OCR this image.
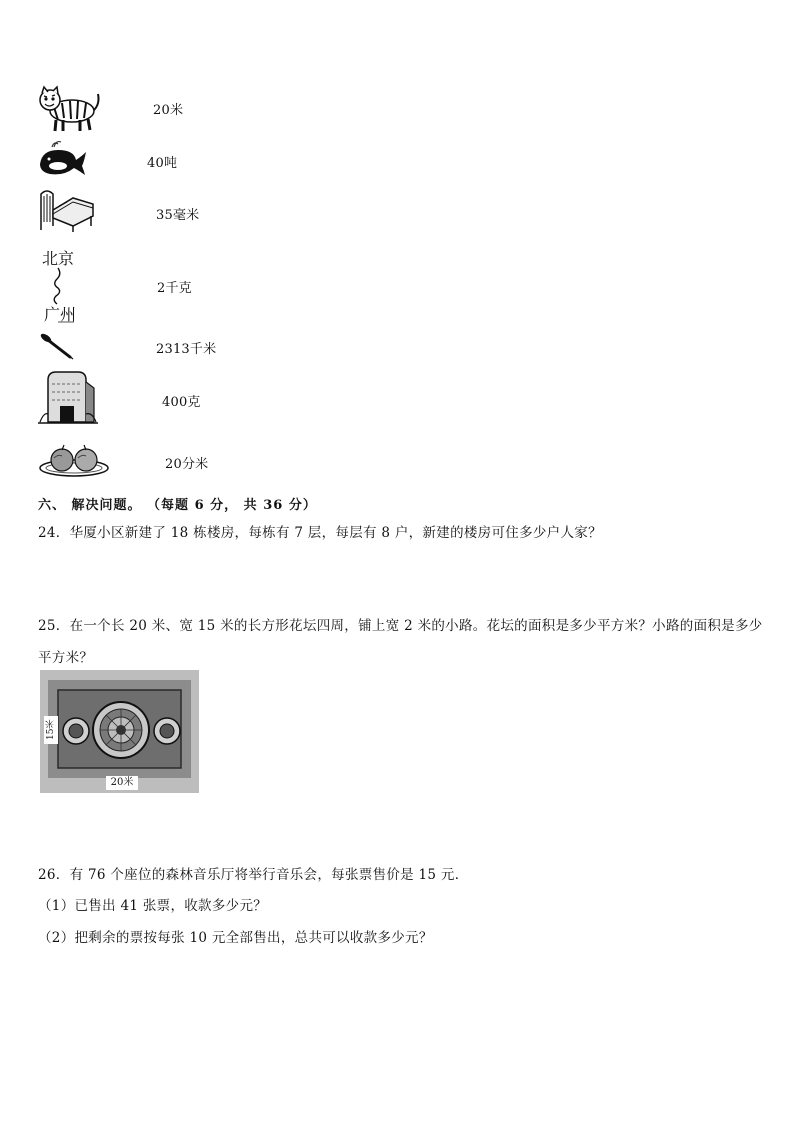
20米
40吨
35毫米
北京
广州
2千克
2313千米
400克
20分米
六、 解决问题。 （每题 6 分， 共 36 分）
24．华厦小区新建了 18 栋楼房，每栋有 7 层，每层有 8 户，新建的楼房可住多少户人家？
25．在一个长 20 米、宽 15 米的长方形花坛四周，铺上宽 2 米的小路。花坛的面积是多少平方米？小路的面积是多少
平方米？
15米
20米
26．有 76 个座位的森林音乐厅将举行音乐会，每张票售价是 15 元．
（1）已售出 41 张票，收款多少元？
（2）把剩余的票按每张 10 元全部售出，总共可以收款多少元？
